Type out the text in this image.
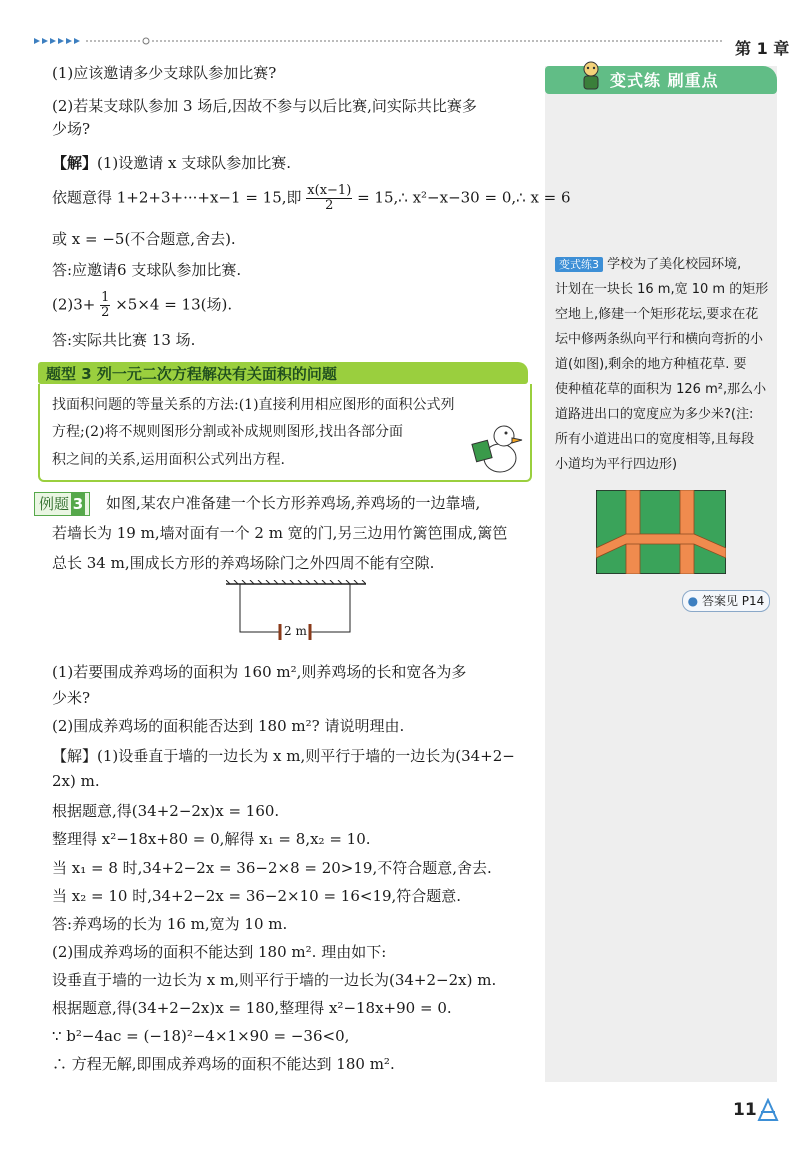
第 1 章
变式练 刷重点
变式练3 学校为了美化校园环境,
计划在一块长 16 m,宽 10 m 的矩形
空地上,修建一个矩形花坛,要求在花
坛中修两条纵向平行和横向弯折的小
道(如图),剩余的地方种植花草. 要
使种植花草的面积为 126 m²,那么小
道路进出口的宽度应为多少米?(注:
所有小道进出口的宽度相等,且每段
小道均为平行四边形)
● 答案见 P14
(1)应该邀请多少支球队参加比赛?
(2)若某支球队参加 3 场后,因故不参与以后比赛,问实际共比赛多
少场?
【解】(1)设邀请 x 支球队参加比赛.
依题意得 1+2+3+···+x−1 = 15,即 $\frac{x(x-1)}{2}$ = 15,∴ x²−x−30 = 0,∴ x = 6
或 x = −5(不合题意,舍去).
答:应邀请6 支球队参加比赛.
$(2)3+ \frac{1}{2} \times 5\times 4 = 13$(场).
答:实际共比赛 13 场.
题型 3 列一元二次方程解决有关面积的问题
找面积问题的等量关系的方法:(1)直接利用相应图形的面积公式列
方程;(2)将不规则图形分割或补成规则图形,找出各部分面
积之间的关系,运用面积公式列出方程.
例题 3	如图,某农户准备建一个长方形养鸡场,养鸡场的一边靠墙,
若墙长为 19 m,墙对面有一个 2 m 宽的门,另三边用竹篱笆围成,篱笆
总长 34 m,围成长方形的养鸡场除门之外四周不能有空隙.
2 m
(1)若要围成养鸡场的面积为 160 m²,则养鸡场的长和宽各为多
少米?
(2)围成养鸡场的面积能否达到 180 m²? 请说明理由.
【解】(1)设垂直于墙的一边长为 x m,则平行于墙的一边长为(34+2−
2x) m.
根据题意,得(34+2−2x)x = 160.
整理得 x²−18x+80 = 0,解得 x₁ = 8,x₂ = 10.
当 x₁ = 8 时,34+2−2x = 36−2×8 = 20>19,不符合题意,舍去.
当 x₂ = 10 时,34+2−2x = 36−2×10 = 16<19,符合题意.
答:养鸡场的长为 16 m,宽为 10 m.
(2)围成养鸡场的面积不能达到 180 m². 理由如下:
设垂直于墙的一边长为 x m,则平行于墙的一边长为(34+2−2x) m.
根据题意,得(34+2−2x)x = 180,整理得 x²−18x+90 = 0.
∵ b²−4ac = (−18)²−4×1×90 = −36<0,
∴ 方程无解,即围成养鸡场的面积不能达到 180 m².
11
